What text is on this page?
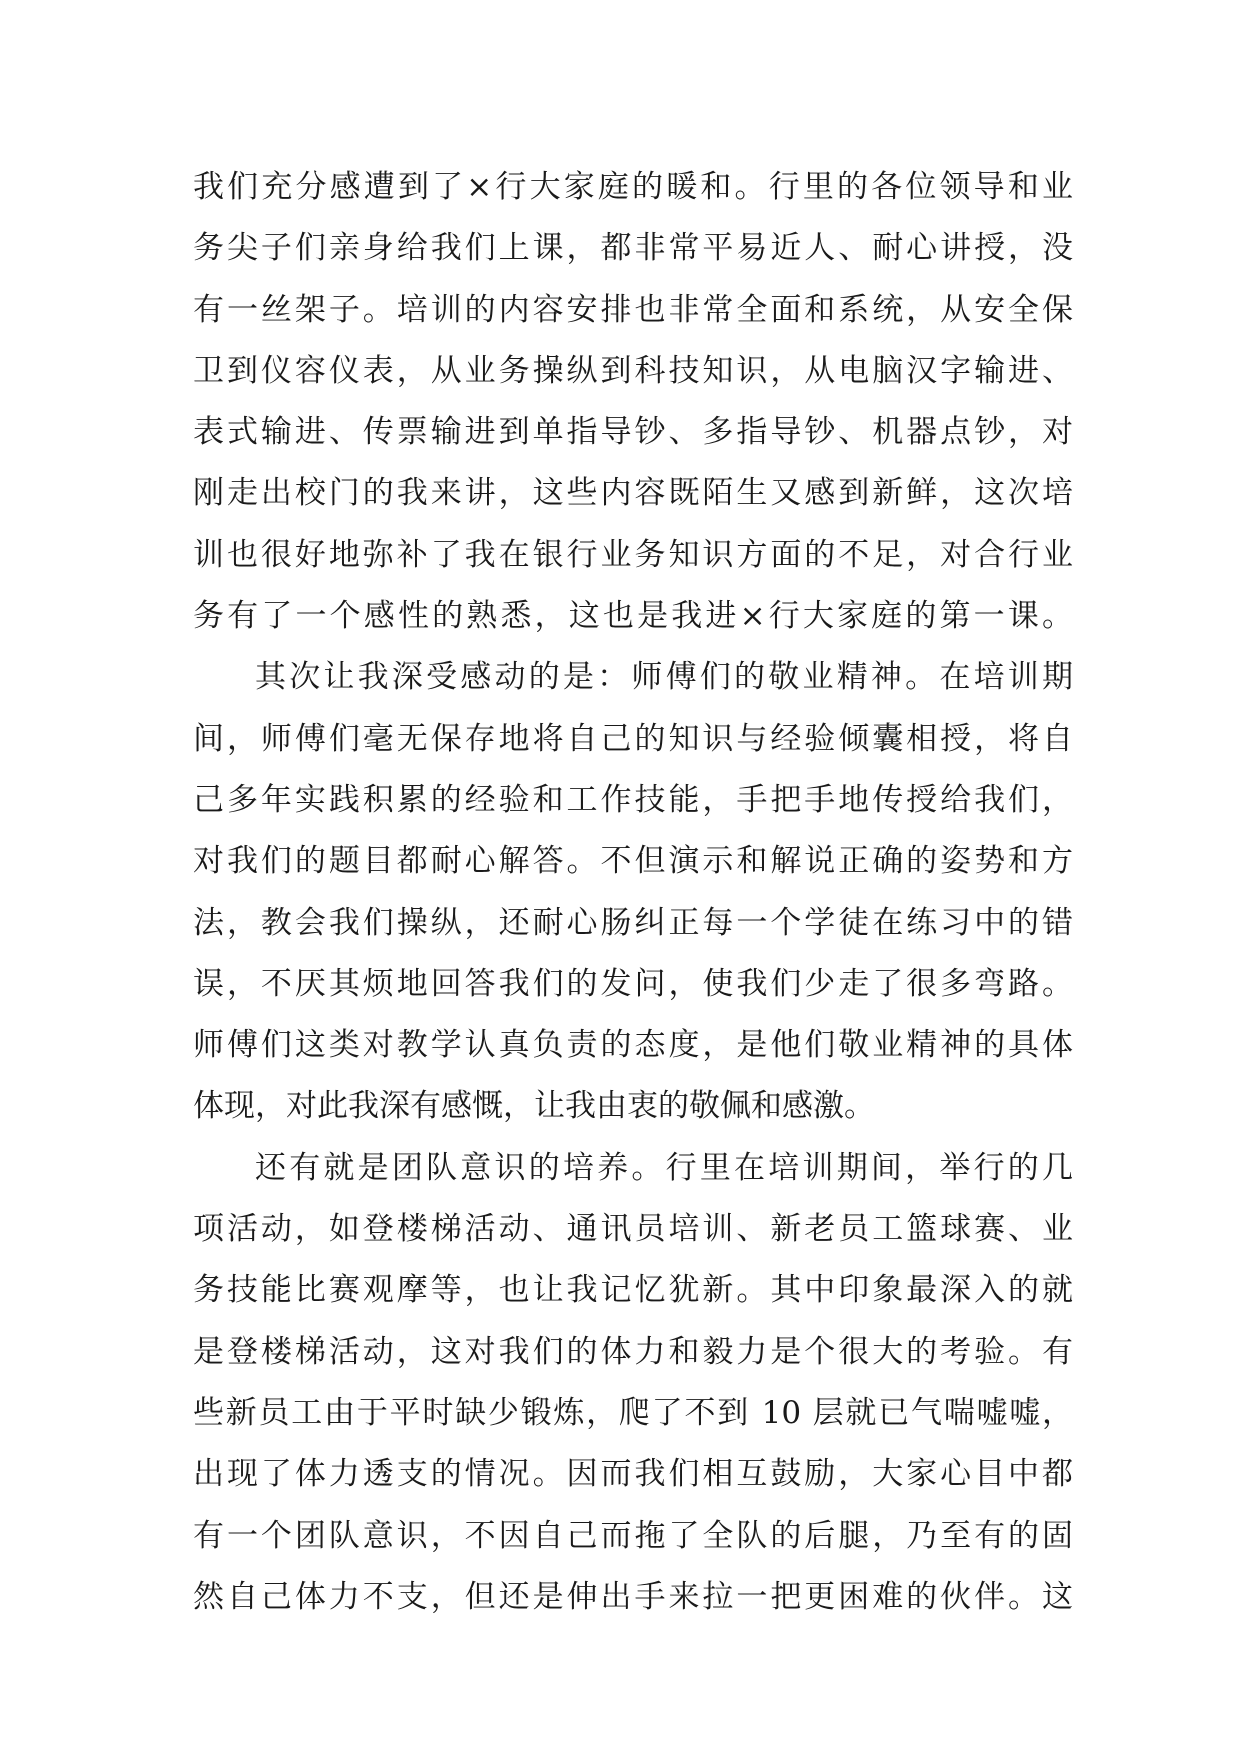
我们充分感遭到了×行大家庭的暖和。行里的各位领导和业
务尖子们亲身给我们上课，都非常平易近人、耐心讲授，没
有一丝架子。培训的内容安排也非常全面和系统，从安全保
卫到仪容仪表，从业务操纵到科技知识，从电脑汉字输进、
表式输进、传票输进到单指导钞、多指导钞、机器点钞，对
刚走出校门的我来讲，这些内容既陌生又感到新鲜，这次培
训也很好地弥补了我在银行业务知识方面的不足，对合行业
务有了一个感性的熟悉，这也是我进×行大家庭的第一课。
其次让我深受感动的是：师傅们的敬业精神。在培训期
间，师傅们毫无保存地将自己的知识与经验倾囊相授，将自
己多年实践积累的经验和工作技能，手把手地传授给我们，
对我们的题目都耐心解答。不但演示和解说正确的姿势和方
法，教会我们操纵，还耐心肠纠正每一个学徒在练习中的错
误，不厌其烦地回答我们的发问，使我们少走了很多弯路。
师傅们这类对教学认真负责的态度，是他们敬业精神的具体
体现，对此我深有感慨，让我由衷的敬佩和感激。
还有就是团队意识的培养。行里在培训期间，举行的几
项活动，如登楼梯活动、通讯员培训、新老员工篮球赛、业
务技能比赛观摩等，也让我记忆犹新。其中印象最深入的就
是登楼梯活动，这对我们的体力和毅力是个很大的考验。有
些新员工由于平时缺少锻炼，爬了不到 10 层就已气喘嘘嘘，
出现了体力透支的情况。因而我们相互鼓励，大家心目中都
有一个团队意识，不因自己而拖了全队的后腿，乃至有的固
然自己体力不支，但还是伸出手来拉一把更困难的伙伴。这
